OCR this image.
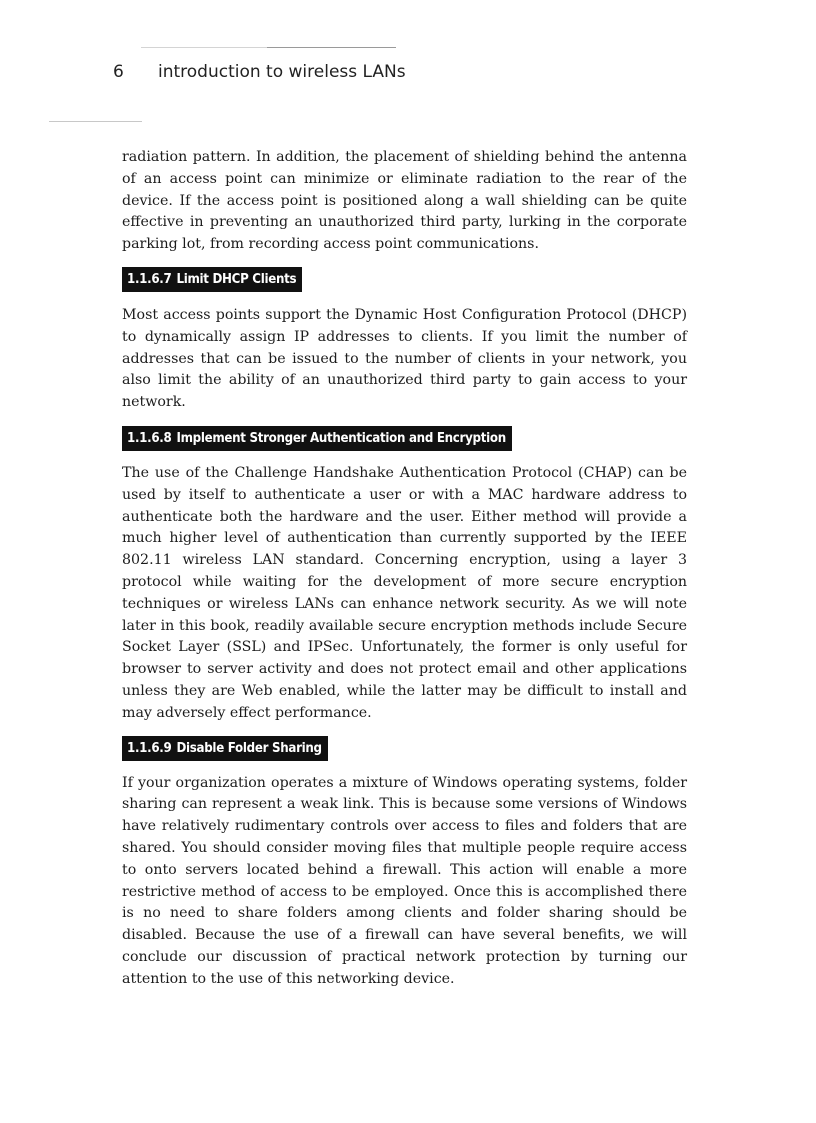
6 introduction to wireless LANs

radiation pattern. In addition, the placement of shielding behind the antenna of an access point can minimize or eliminate radiation to the rear of the device. If the access point is positioned along a wall shielding can be quite effective in preventing an unauthorized third party, lurking in the corporate parking lot, from recording access point communications.

1.1.6.7 Limit DHCP Clients

Most access points support the Dynamic Host Configuration Protocol (DHCP) to dynamically assign IP addresses to clients. If you limit the number of addresses that can be issued to the number of clients in your network, you also limit the ability of an unauthorized third party to gain access to your network.

1.1.6.8 Implement Stronger Authentication and Encryption

The use of the Challenge Handshake Authentication Protocol (CHAP) can be used by itself to authenticate a user or with a MAC hardware address to authenticate both the hardware and the user. Either method will provide a much higher level of authentication than currently supported by the IEEE 802.11 wireless LAN standard. Concerning encryption, using a layer 3 protocol while waiting for the development of more secure encryption techniques or wireless LANs can enhance network security. As we will note later in this book, readily available secure encryption methods include Secure Socket Layer (SSL) and IPSec. Unfortunately, the former is only useful for browser to server activity and does not protect email and other applications unless they are Web enabled, while the latter may be difficult to install and may adversely effect performance.

1.1.6.9 Disable Folder Sharing

If your organization operates a mixture of Windows operating systems, folder sharing can represent a weak link. This is because some versions of Windows have relatively rudimentary controls over access to files and folders that are shared. You should consider moving files that multiple people require access to onto servers located behind a firewall. This action will enable a more restrictive method of access to be employed. Once this is accomplished there is no need to share folders among clients and folder sharing should be disabled. Because the use of a firewall can have several benefits, we will conclude our discussion of practical network protection by turning our attention to the use of this networking device.
